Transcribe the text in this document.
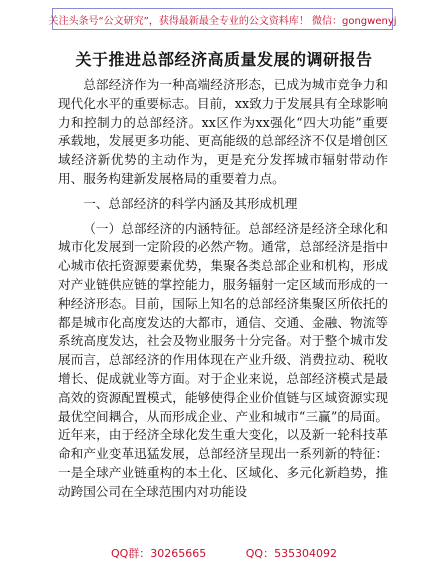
关注头条号“公文研究”，获得最新最全专业的公文资料库！ 微信：gongwenyj
关于推进总部经济高质量发展的调研报告

总部经济作为一种高端经济形态，已成为城市竞争力和现代化水平的重要标志。目前，xx致力于发展具有全球影响力和控制力的总部经济。xx区作为xx强化“四大功能”重要承载地，发展更多功能、更高能级的总部经济不仅是增创区域经济新优势的主动作为，更是充分发挥城市辐射带动作用、服务构建新发展格局的重要着力点。

一、总部经济的科学内涵及其形成机理

（一）总部经济的内涵特征。总部经济是经济全球化和城市化发展到一定阶段的必然产物。通常，总部经济是指中心城市依托资源要素优势，集聚各类总部企业和机构，形成对产业链供应链的掌控能力，服务辐射一定区域而形成的一种经济形态。目前，国际上知名的总部经济集聚区所依托的都是城市化高度发达的大都市，通信、交通、金融、物流等系统高度发达，社会及物业服务十分完备。对于整个城市发展而言，总部经济的作用体现在产业升级、消费拉动、税收增长、促成就业等方面。对于企业来说，总部经济模式是最高效的资源配置模式，能够使得企业价值链与区域资源实现最优空间耦合，从而形成企业、产业和城市“三赢”的局面。近年来，由于经济全球化发生重大变化，以及新一轮科技革命和产业变革迅猛发展，总部经济呈现出一系列新的特征：一是全球产业链重构的本土化、区域化、多元化新趋势，推动跨国公司在全球范围内对功能设

QQ群：30265665	QQ：535304092
